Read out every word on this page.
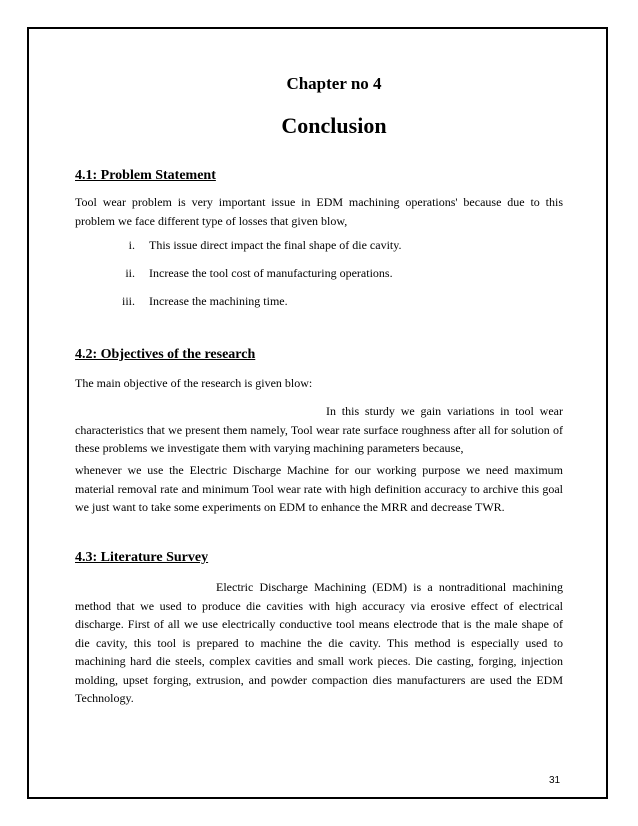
Chapter no 4
Conclusion
4.1: Problem Statement

Tool wear problem is very important issue in EDM machining operations' because due to this problem we face different type of losses that given blow,

i. This issue direct impact the final shape of die cavity.
ii. Increase the tool cost of manufacturing operations.
iii. Increase the machining time.
4.2: Objectives of the research

The main objective of the research is given blow:

In this sturdy we gain variations in tool wear characteristics that we present them namely, Tool wear rate surface roughness after all for solution of these problems we investigate them with varying machining parameters because,

whenever we use the Electric Discharge Machine for our working purpose we need maximum material removal rate and minimum Tool wear rate with high definition accuracy to archive this goal we just want to take some experiments on EDM to enhance the MRR and decrease TWR.

4.3: Literature Survey

Electric Discharge Machining (EDM) is a nontraditional machining method that we used to produce die cavities with high accuracy via erosive effect of electrical discharge. First of all we use electrically conductive tool means electrode that is the male shape of die cavity, this tool is prepared to machine the die cavity. This method is especially used to machining hard die steels, complex cavities and small work pieces. Die casting, forging, injection molding, upset forging, extrusion, and powder compaction dies manufacturers are used the EDM Technology.

31
